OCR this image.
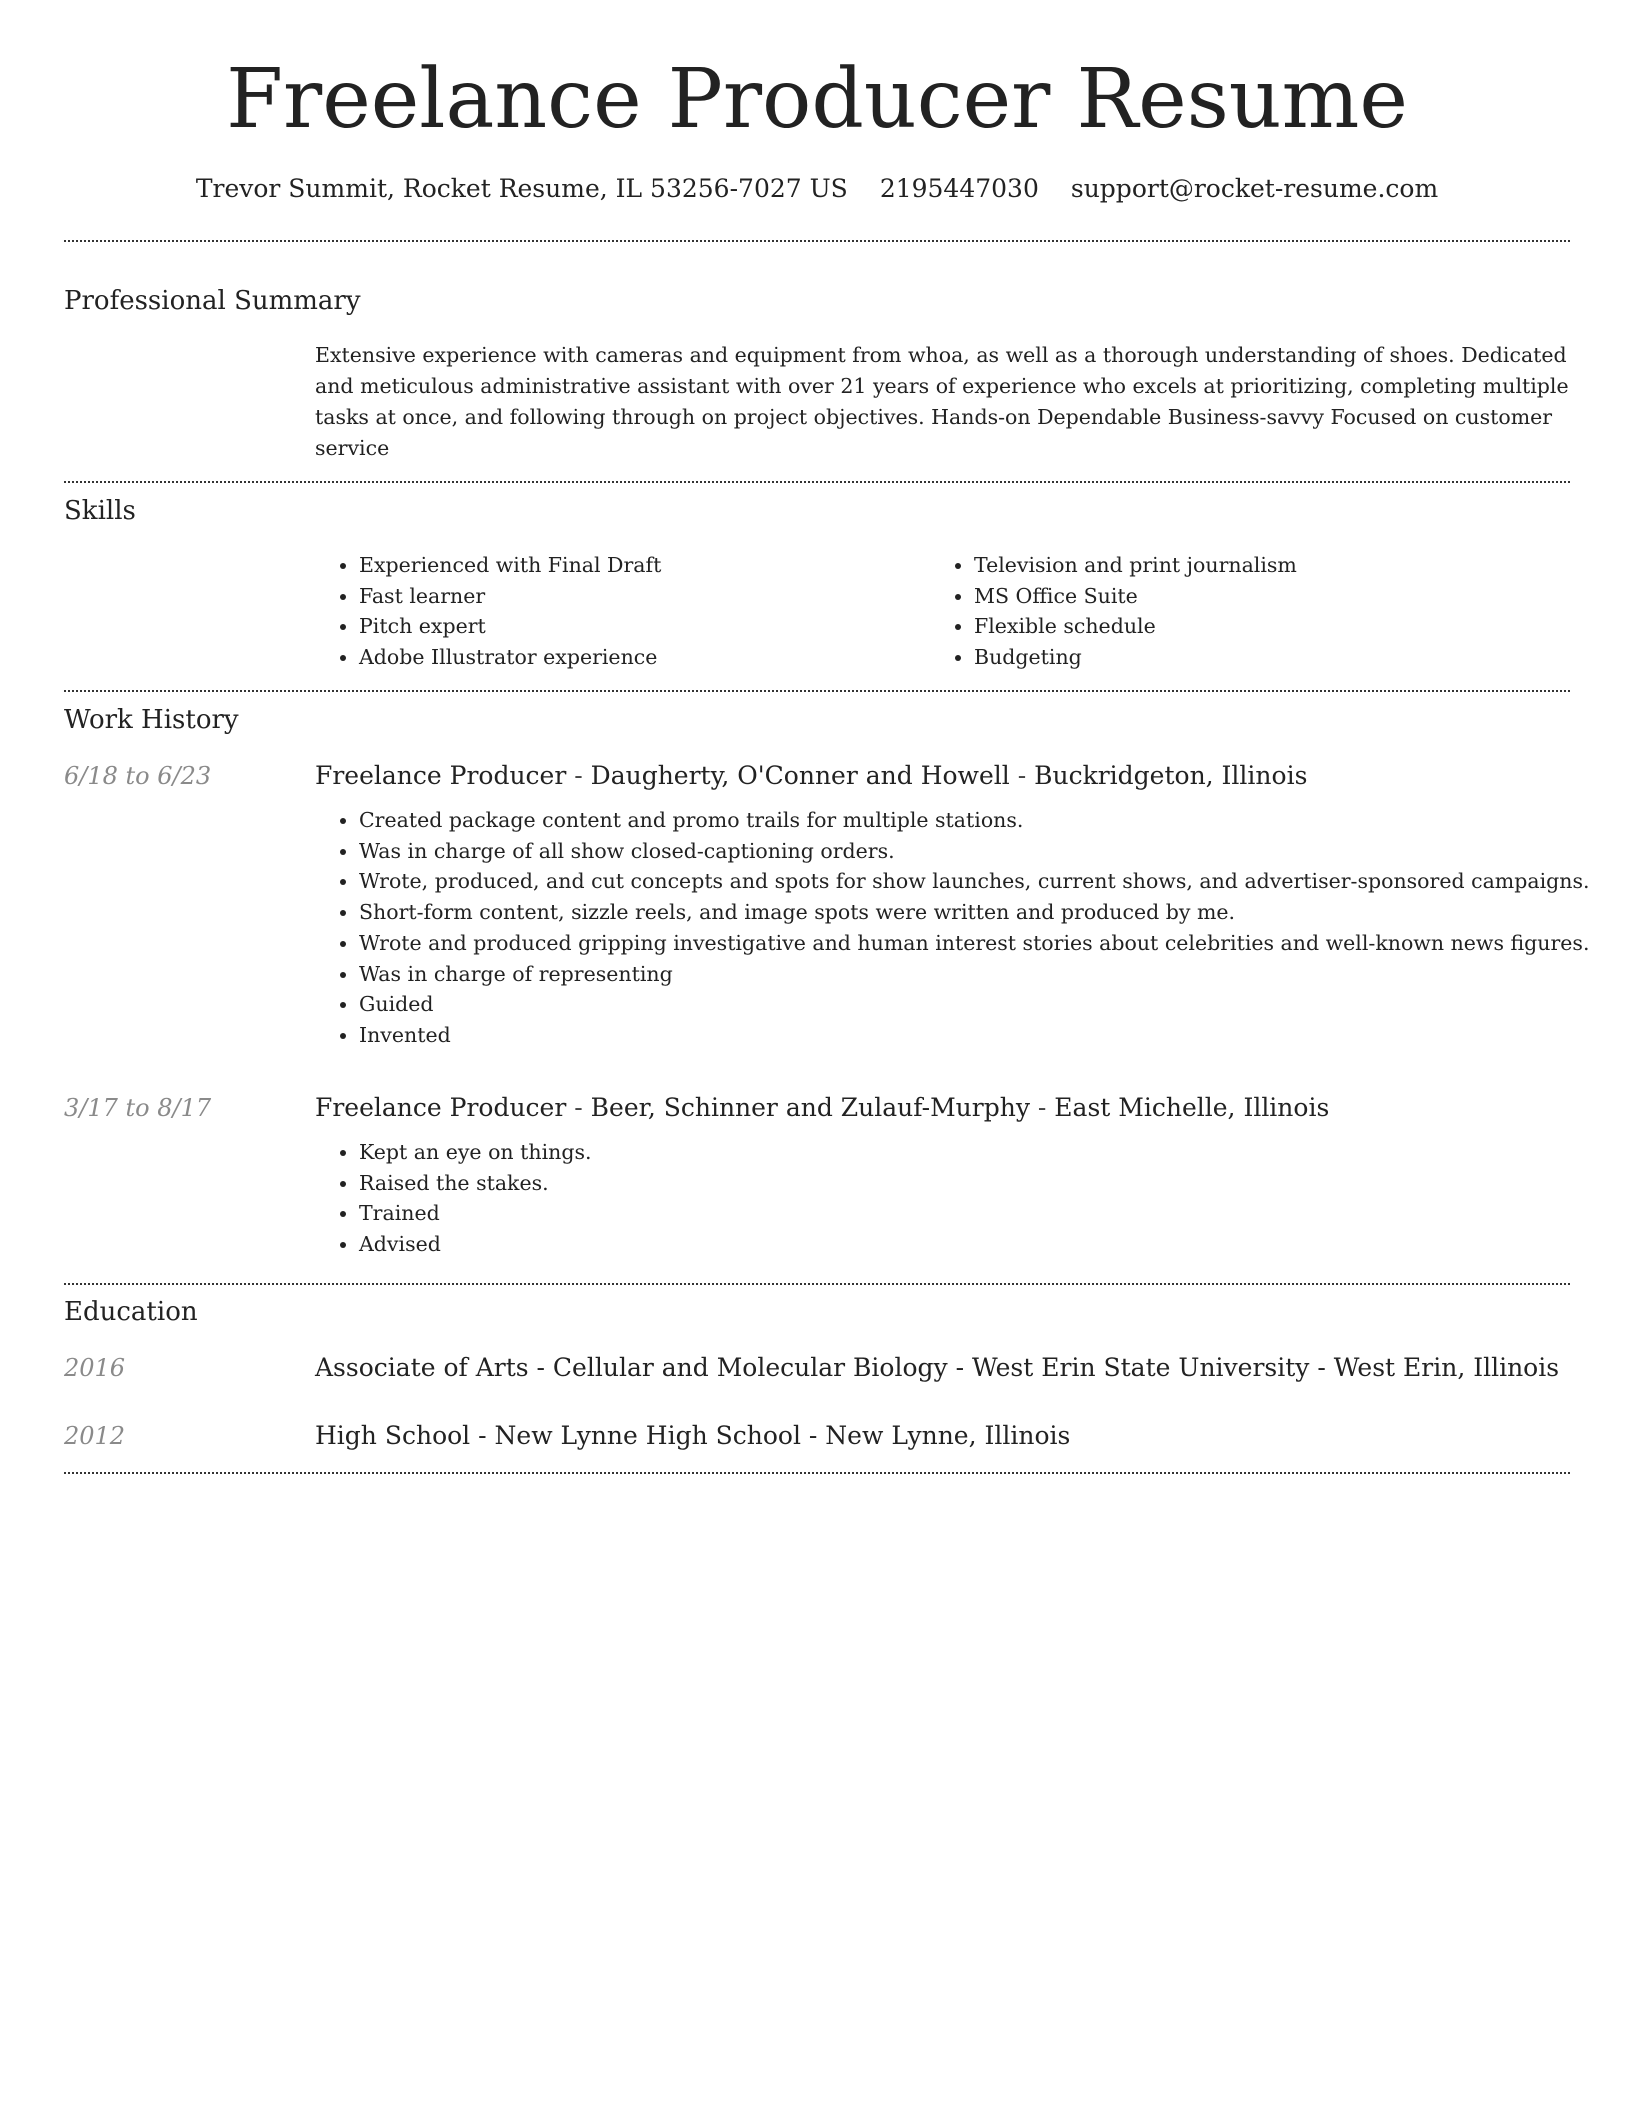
Freelance Producer Resume
Trevor Summit, Rocket Resume, IL 53256-7027 US 2195447030 support@rocket-resume.com
Professional Summary

Extensive experience with cameras and equipment from whoa, as well as a thorough understanding of shoes. Dedicated and meticulous administrative assistant with over 21 years of experience who excels at prioritizing, completing multiple tasks at once, and following through on project objectives. Hands-on Dependable Business-savvy Focused on customer service

Skills
• Experienced with Final Draft
• Fast learner
• Pitch expert
• Adobe Illustrator experience
• Television and print journalism
• MS Office Suite
• Flexible schedule
• Budgeting
Work History
6/18 to 6/23	Freelance Producer - Daugherty, O'Conner and Howell - Buckridgeton, Illinois

• Created package content and promo trails for multiple stations.
• Was in charge of all show closed-captioning orders.
• Wrote, produced, and cut concepts and spots for show launches, current shows, and advertiser-sponsored campaigns.
• Short-form content, sizzle reels, and image spots were written and produced by me.
• Wrote and produced gripping investigative and human interest stories about celebrities and well-known news figures.
• Was in charge of representing
• Guided
• Invented
3/17 to 8/17	Freelance Producer - Beer, Schinner and Zulauf-Murphy - East Michelle, Illinois

• Kept an eye on things.
• Raised the stakes.
• Trained
• Advised
Education
2016	Associate of Arts - Cellular and Molecular Biology - West Erin State University - West Erin, Illinois
2012	High School - New Lynne High School - New Lynne, Illinois
